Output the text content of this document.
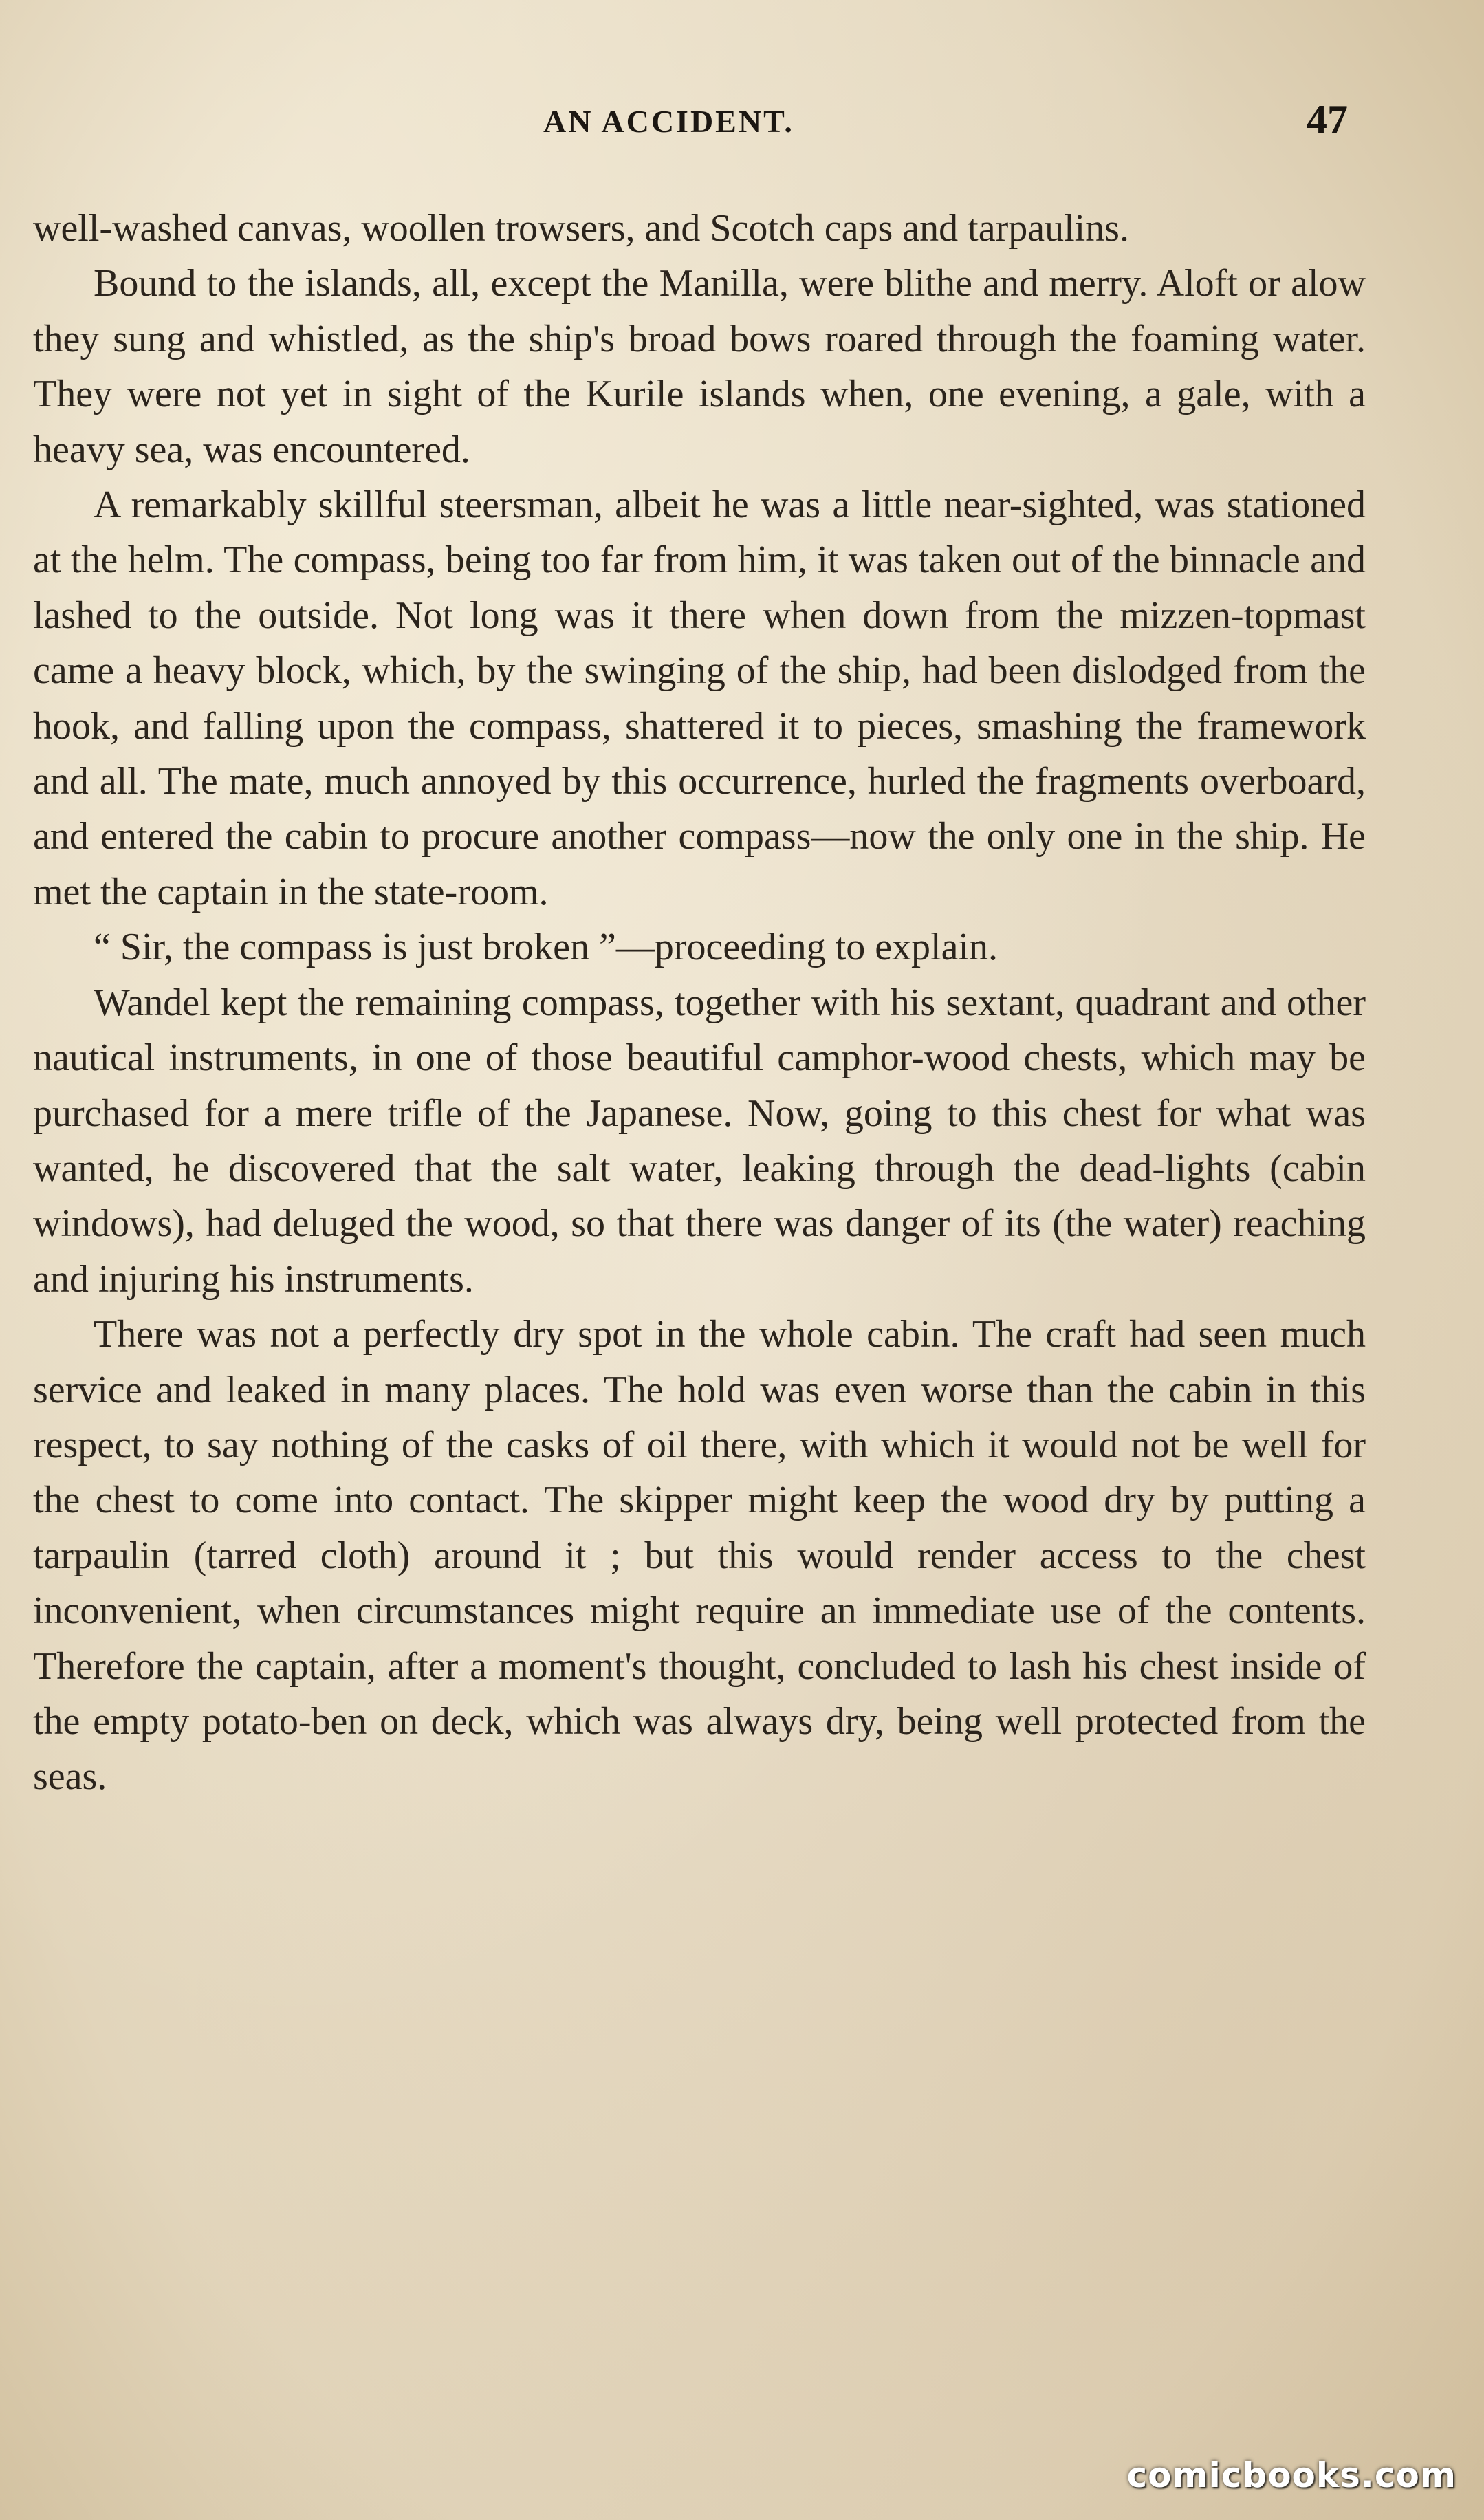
AN ACCIDENT.	47

well-washed canvas, woollen trowsers, and Scotch caps and tarpaulins.

Bound to the islands, all, except the Manilla, were blithe and merry. Aloft or alow they sung and whistled, as the ship's broad bows roared through the foaming water. They were not yet in sight of the Kurile islands when, one evening, a gale, with a heavy sea, was encountered.

A remarkably skillful steersman, albeit he was a little near-sighted, was stationed at the helm. The compass, being too far from him, it was taken out of the binnacle and lashed to the outside. Not long was it there when down from the mizzen-topmast came a heavy block, which, by the swinging of the ship, had been dislodged from the hook, and falling upon the compass, shattered it to pieces, smashing the framework and all. The mate, much annoyed by this occurrence, hurled the fragments overboard, and entered the cabin to procure another compass—now the only one in the ship. He met the captain in the state-room.

“ Sir, the compass is just broken ”—proceeding to explain.

Wandel kept the remaining compass, together with his sextant, quadrant and other nautical instruments, in one of those beautiful camphor-wood chests, which may be purchased for a mere trifle of the Japanese. Now, going to this chest for what was wanted, he discovered that the salt water, leaking through the dead-lights (cabin windows), had deluged the wood, so that there was danger of its (the water) reaching and injuring his instruments.

There was not a perfectly dry spot in the whole cabin. The craft had seen much service and leaked in many places. The hold was even worse than the cabin in this respect, to say nothing of the casks of oil there, with which it would not be well for the chest to come into contact. The skipper might keep the wood dry by putting a tarpaulin (tarred cloth) around it ; but this would render access to the chest inconvenient, when circumstances might require an immediate use of the contents. Therefore the captain, after a moment's thought, concluded to lash his chest inside of the empty potato-ben on deck, which was always dry, being well protected from the seas.

comicbooks.com
